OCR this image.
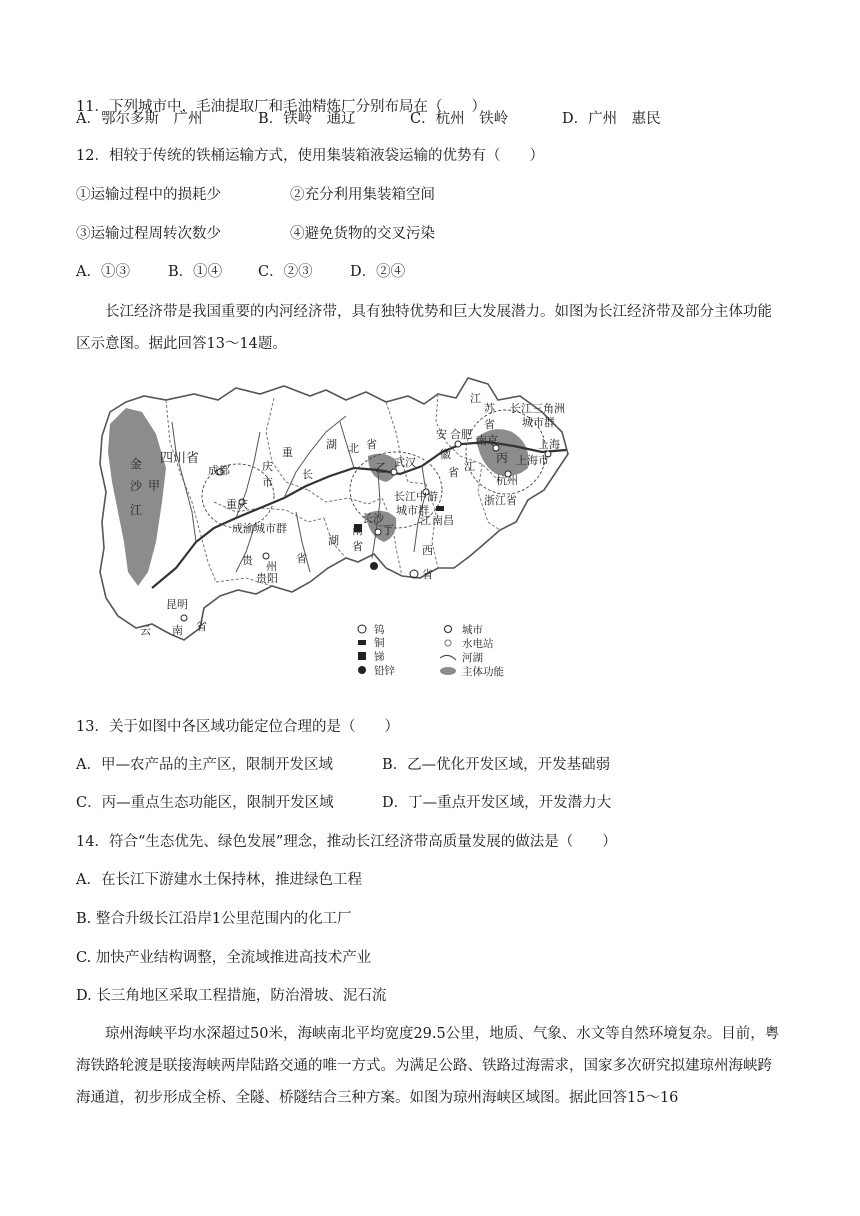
11．下列城市中，毛油提取厂和毛油精炼厂分别布局在（　　）
A．鄂尔多斯　广州	B．铁岭　通辽	C．杭州　铁岭	D．广州　惠民
12．相较于传统的铁桶运输方式，使用集装箱液袋运输的优势有（　　）
①运输过程中的损耗少	②充分利用集装箱空间
③运输过程周转次数少	④避免货物的交叉污染
A．①③	B．①④ C．②③	D．②④

长江经济带是我国重要的内河经济带，具有独特优势和巨大发展潜力。如图为长江经济带及部分主体功能区示意图。据此回答13～14题。

四川省
金
沙 甲
江
成都
重庆
庆
市
重
长
成渝城市群
贵 州
省
贵阳
昆明
云 南 省
湖 北 省
乙 武汉
长江中游
城市群
湖
南
省
长沙
丁
江 南昌
西
省
安 合肥
徽
省
江
苏
省
南京
丙
上海
上海市
杭州
浙江省
江
长江三角洲
城市群
钨
铜
锑
铅锌
城市
水电站
河湖
主体功能
13．关于如图中各区域功能定位合理的是（　　）
A．甲—农产品的主产区，限制开发区域	B．乙—优化开发区域，开发基础弱
C．丙—重点生态功能区，限制开发区域	D．丁—重点开发区域，开发潜力大
14．符合“生态优先、绿色发展”理念，推动长江经济带高质量发展的做法是（　　）
A．在长江下游建水土保持林，推进绿色工程
B. 整合升级长江沿岸1公里范围内的化工厂
C. 加快产业结构调整，全流域推进高技术产业
D. 长三角地区采取工程措施，防治滑坡、泥石流

琼州海峡平均水深超过50米，海峡南北平均宽度29.5公里，地质、气象、水文等自然环境复杂。目前，粤海铁路轮渡是联接海峡两岸陆路交通的唯一方式。为满足公路、铁路过海需求，国家多次研究拟建琼州海峡跨海通道，初步形成全桥、全隧、桥隧结合三种方案。如图为琼州海峡区域图。据此回答15～16
